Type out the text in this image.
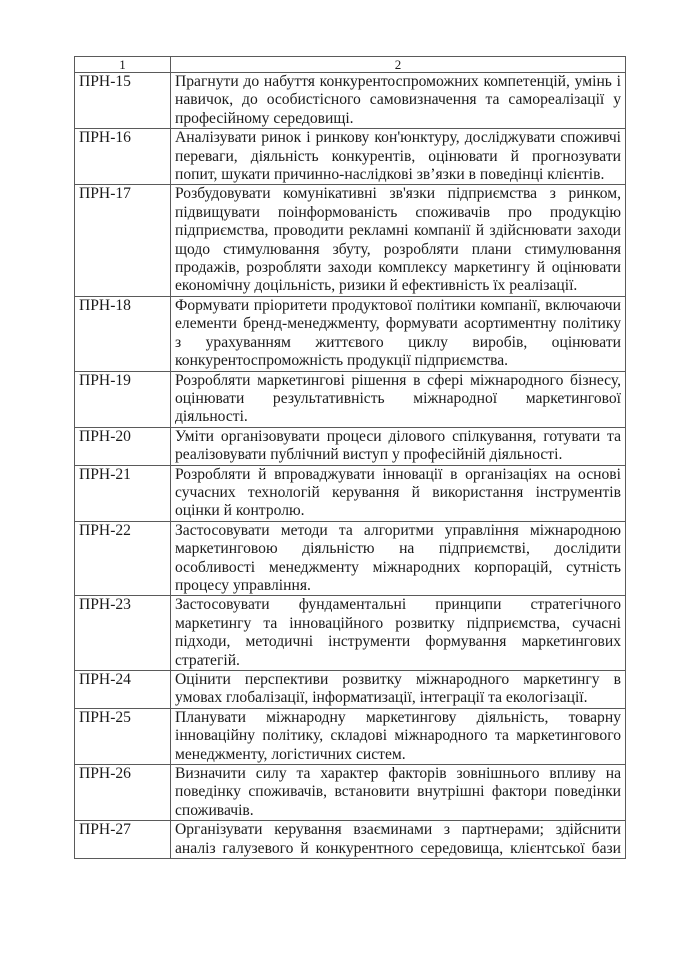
1	2
ПРН-15	Прагнути до набуття конкурентоспроможних компетенцій, умінь і навичок, до особистісного самовизначення та самореалізації у професійному середовищі.
ПРН-16	Аналізувати ринок і ринкову кон'юнктуру, досліджувати споживчі переваги, діяльність конкурентів, оцінювати й прогнозувати попит, шукати причинно-наслідкові зв’язки в поведінці клієнтів.
ПРН-17	Розбудовувати комунікативні зв'язки підприємства з ринком, підвищувати поінформованість споживачів про продукцію підприємства, проводити рекламні компанії й здійснювати заходи щодо стимулювання збуту, розробляти плани стимулювання продажів, розробляти заходи комплексу маркетингу й оцінювати економічну доцільність, ризики й ефективність їх реалізації.
ПРН-18	Формувати пріоритети продуктової політики компанії, включаючи елементи бренд-менеджменту, формувати асортиментну політику з урахуванням життєвого циклу виробів, оцінювати конкурентоспроможність продукції підприємства.
ПРН-19	Розробляти маркетингові рішення в сфері міжнародного бізнесу, оцінювати результативність міжнародної маркетингової діяльності.
ПРН-20	Уміти організовувати процеси ділового спілкування, готувати та реалізовувати публічний виступ у професійній діяльності.
ПРН-21	Розробляти й впроваджувати інновації в організаціях на основі сучасних технологій керування й використання інструментів оцінки й контролю.
ПРН-22	Застосовувати методи та алгоритми управління міжнародною маркетинговою діяльністю на підприємстві, дослідити особливості менеджменту міжнародних корпорацій, сутність процесу управління.
ПРН-23	Застосовувати фундаментальні принципи стратегічного маркетингу та інноваційного розвитку підприємства, сучасні підходи, методичні інструменти формування маркетингових стратегій.
ПРН-24	Оцінити перспективи розвитку міжнародного маркетингу в умовах глобалізації, інформатизації, інтеграції та екологізації.
ПРН-25	Планувати міжнародну маркетингову діяльність, товарну інноваційну політику, складові міжнародного та маркетингового менеджменту, логістичних систем.
ПРН-26	Визначити силу та характер факторів зовнішнього впливу на поведінку споживачів, встановити внутрішні фактори поведінки споживачів.
ПРН-27	Організувати керування взаєминами з партнерами; здійснити аналіз галузевого й конкурентного середовища, клієнтської бази
